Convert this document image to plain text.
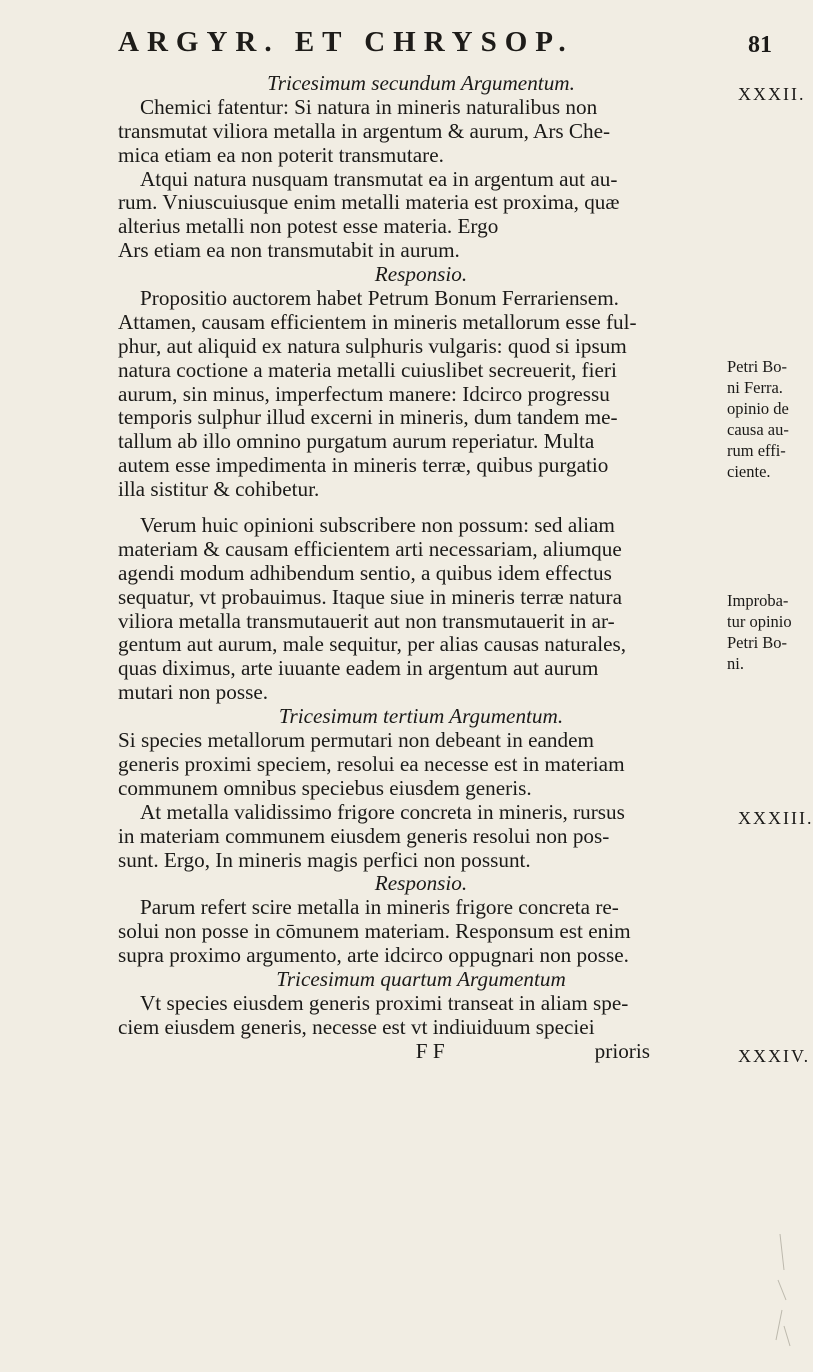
ARGYR. ET CHRYSOP.	81
Tricesimum secundum Argumentum.
Chemici fatentur: Si natura in mineris naturalibus non
transmutat viliora metalla in argentum & aurum, Ars Che-
mica etiam ea non poterit transmutare.
Atqui natura nusquam transmutat ea in argentum aut au-
rum. Vniuscuiusque enim metalli materia est proxima, quæ
alterius metalli non potest esse materia. Ergo
Ars etiam ea non transmutabit in aurum.
Responsio.
Propositio auctorem habet Petrum Bonum Ferrariensem.
Attamen, causam efficientem in mineris metallorum esse ful-
phur, aut aliquid ex natura sulphuris vulgaris: quod si ipsum
natura coctione a materia metalli cuiuslibet secreuerit, fieri
aurum, sin minus, imperfectum manere: Idcirco progressu
temporis sulphur illud excerni in mineris, dum tandem me-
tallum ab illo omnino purgatum aurum reperiatur. Multa
autem esse impedimenta in mineris terræ, quibus purgatio
illa sistitur & cohibetur.
Verum huic opinioni subscribere non possum: sed aliam
materiam & causam efficientem arti necessariam, aliumque
agendi modum adhibendum sentio, a quibus idem effectus
sequatur, vt probauimus. Itaque siue in mineris terræ natura
viliora metalla transmutauerit aut non transmutauerit in ar-
gentum aut aurum, male sequitur, per alias causas naturales,
quas diximus, arte iuuante eadem in argentum aut aurum
mutari non posse.
Tricesimum tertium Argumentum.
Si species metallorum permutari non debeant in eandem
generis proximi speciem, resolui ea necesse est in materiam
communem omnibus speciebus eiusdem generis.
At metalla validissimo frigore concreta in mineris, rursus
in materiam communem eiusdem generis resolui non pos-
sunt. Ergo, In mineris magis perfici non possunt.
Responsio.
Parum refert scire metalla in mineris frigore concreta re-
solui non posse in cōmunem materiam. Responsum est enim
supra proximo argumento, arte idcirco oppugnari non posse.
Tricesimum quartum Argumentum
Vt species eiusdem generis proximi transeat in aliam spe-
ciem eiusdem generis, necesse est vt indiuiduum speciei
F F	prioris
XXXII.
XXXIII.
XXXIV.
Petri Bo-
ni Ferra.
opinio de
causa au-
rum effi-
ciente.
Improba-
tur opinio
Petri Bo-
ni.
